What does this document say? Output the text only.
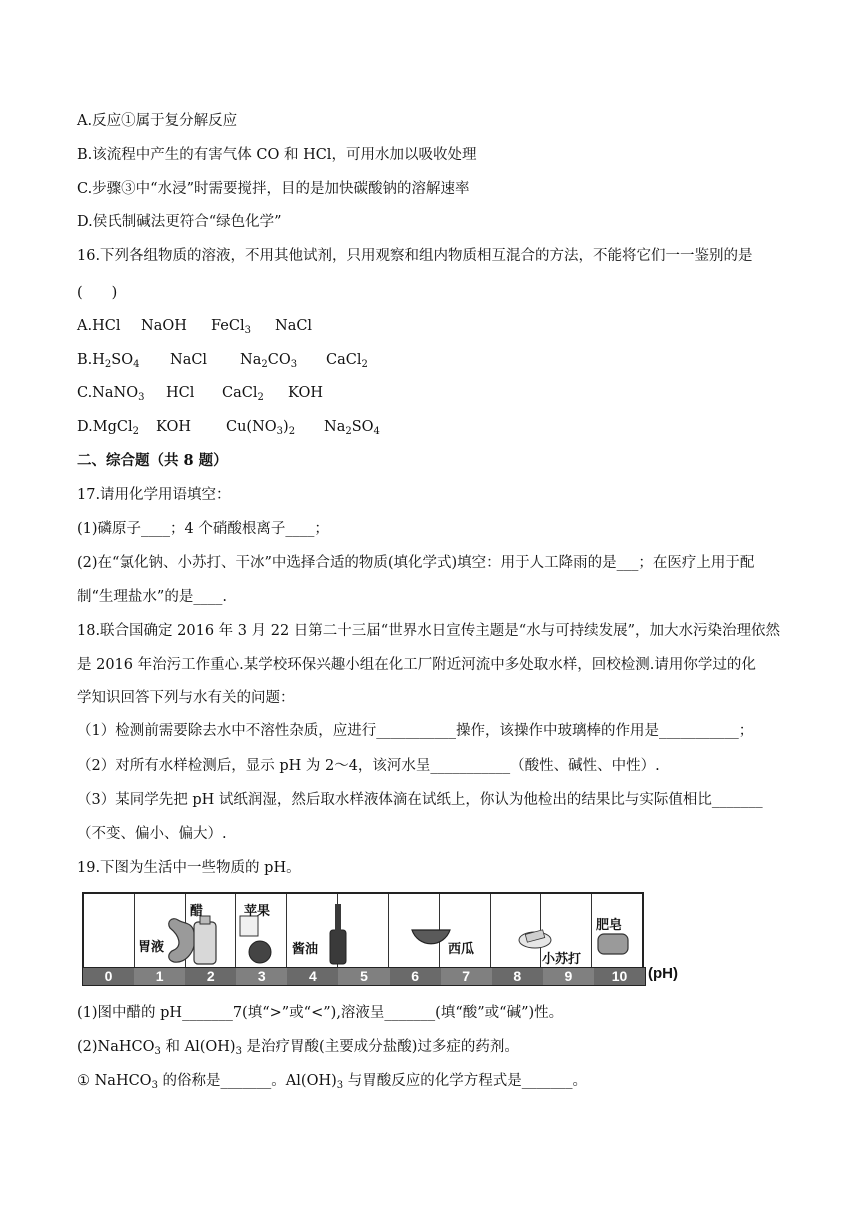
A.反应①属于复分解反应
B.该流程中产生的有害气体 CO 和 HCl，可用水加以吸收处理
C.步骤③中“水浸”时需要搅拌，目的是加快碳酸钠的溶解速率
D.侯氏制碱法更符合“绿色化学”
16.下列各组物质的溶液，不用其他试剂，只用观察和组内物质相互混合的方法，不能将它们一一鉴别的是
(　　)
A.HCl NaOH FeCl$_3$ NaCl
$B.H_2SO_4$ NaCl $Na_2CO_3$ CaCl$_2$
C.NaNO$_3$ HCl CaCl$_2$ KOH
D.MgCl$_2$ KOH $Cu(NO_3)_2$ $Na_2SO_4$
二、综合题（共 8 题）
17.请用化学用语填空：
(1)磷原子____；4 个硝酸根离子____；
(2)在“氯化钠、小苏打、干冰”中选择合适的物质(填化学式)填空：用于人工降雨的是___；在医疗上用于配
制“生理盐水”的是____.
18.联合国确定 2016 年 3 月 22 日第二十三届“世界水日宣传主题是“水与可持续发展”，加大水污染治理依然
是 2016 年治污工作重心.某学校环保兴趣小组在化工厂附近河流中多处取水样，回校检测.请用你学过的化
学知识回答下列与水有关的问题：
（1）检测前需要除去水中不溶性杂质，应进行___________操作，该操作中玻璃棒的作用是___________；
（2）对所有水样检测后，显示 pH 为 2～4，该河水呈___________（酸性、碱性、中性）.
（3）某同学先把 pH 试纸润湿，然后取水样液体滴在试纸上，你认为他检出的结果比与实际值相比_______
（不变、偏小、偏大）.
19.下图为生活中一些物质的 pH。
胃液
醋	苹果
酱油	西瓜
小苏打
肥皂
0	1	2	3	4	5	6	7	8	9	10	(pH)
(1)图中醋的 pH_______7(填“>”或“<”),溶液呈_______(填“酸”或“碱”)性。
(2)NaHCO$_3$ 和 $Al(OH)_3$ 是治疗胃酸(主要成分盐酸)过多症的药剂。
① NaHCO$_3$ 的俗称是_______。$Al(OH)_3$ 与胃酸反应的化学方程式是_______。
